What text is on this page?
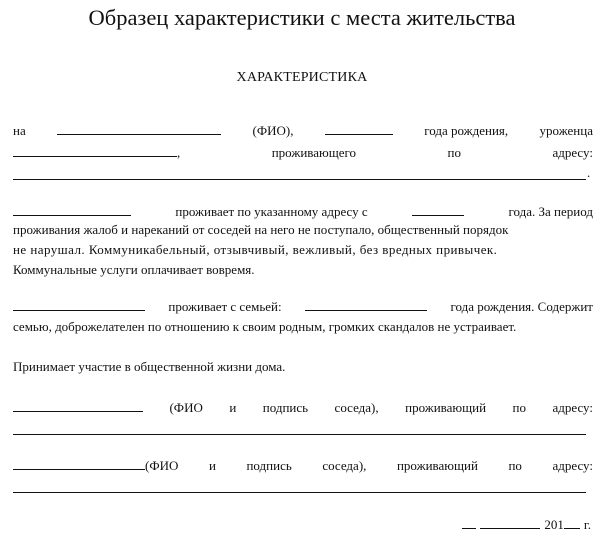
Образец характеристики с места жительства
ХАРАКТЕРИСТИКА
на	(ФИО),	года рождения, уроженца
,	проживающего	по	адресу:
.
проживает по указанному адресу с	года. За период
проживания жалоб и нареканий от соседей на него не поступало, общественный порядок
не нарушал. Коммуникабельный, отзывчивый, вежливый, без вредных привычек.
Коммунальные услуги оплачивает вовремя.
проживает с семьей:	года рождения. Содержит
семью, доброжелателен по отношению к своим родным, громких скандалов не устраивает.
Принимает участие в общественной жизни дома.
(ФИО и подпись соседа), проживающий по адресу:
(ФИО и подпись соседа), проживающий по адресу:
201 г.
